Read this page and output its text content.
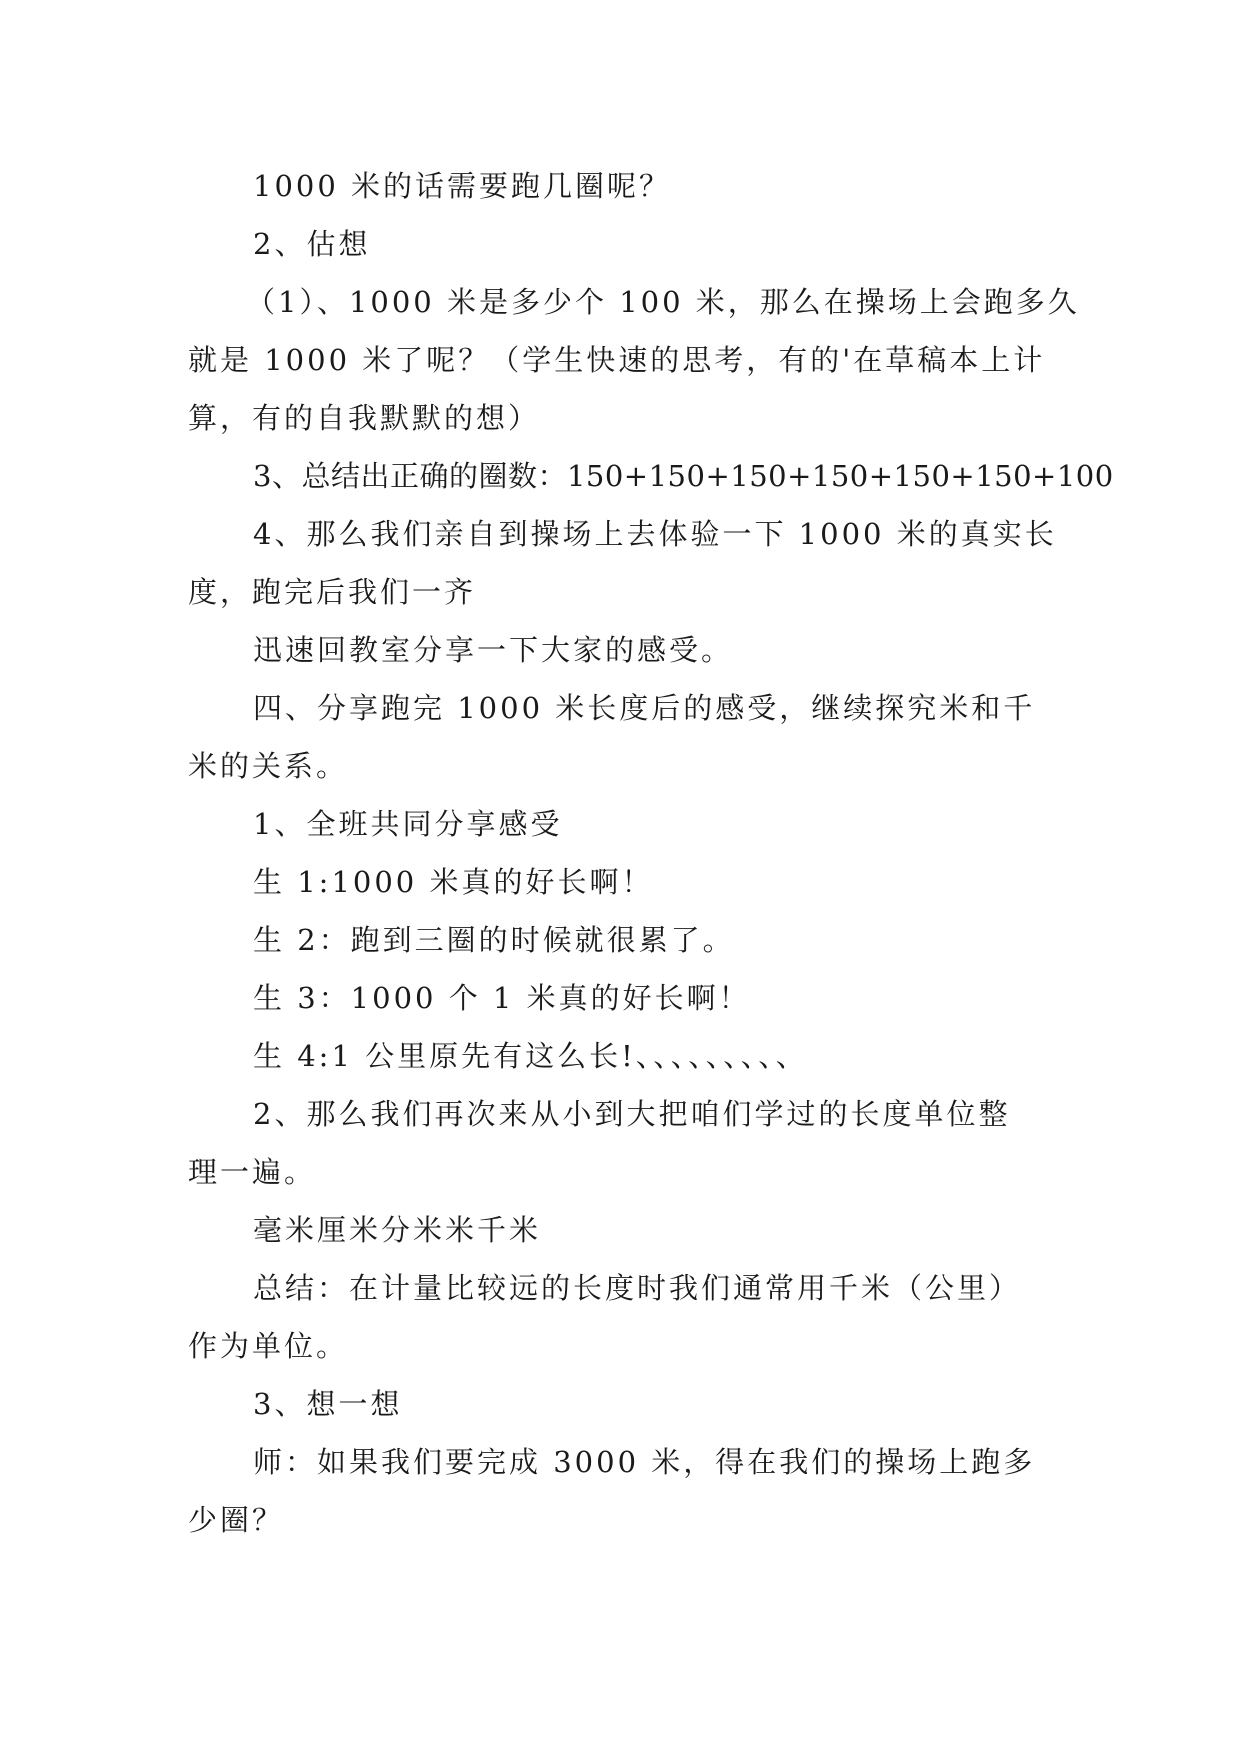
1000 米的话需要跑几圈呢？
2、估想
（1）、1000 米是多少个 100 米，那么在操场上会跑多久
就是 1000 米了呢？（学生快速的思考，有的'在草稿本上计
算，有的自我默默的想）
3、总结出正确的圈数：150+150+150+150+150+150+100
4、那么我们亲自到操场上去体验一下 1000 米的真实长
度，跑完后我们一齐
迅速回教室分享一下大家的感受。
四、分享跑完 1000 米长度后的感受，继续探究米和千
米的关系。
1、全班共同分享感受
生 1:1000 米真的好长啊！
生 2：跑到三圈的时候就很累了。
生 3：1000 个 1 米真的好长啊！
生 4:1 公里原先有这么长!、、、、、、、、、
2、那么我们再次来从小到大把咱们学过的长度单位整
理一遍。
毫米厘米分米米千米
总结：在计量比较远的长度时我们通常用千米（公里）
作为单位。
3、想一想
师：如果我们要完成 3000 米，得在我们的操场上跑多
少圈？
